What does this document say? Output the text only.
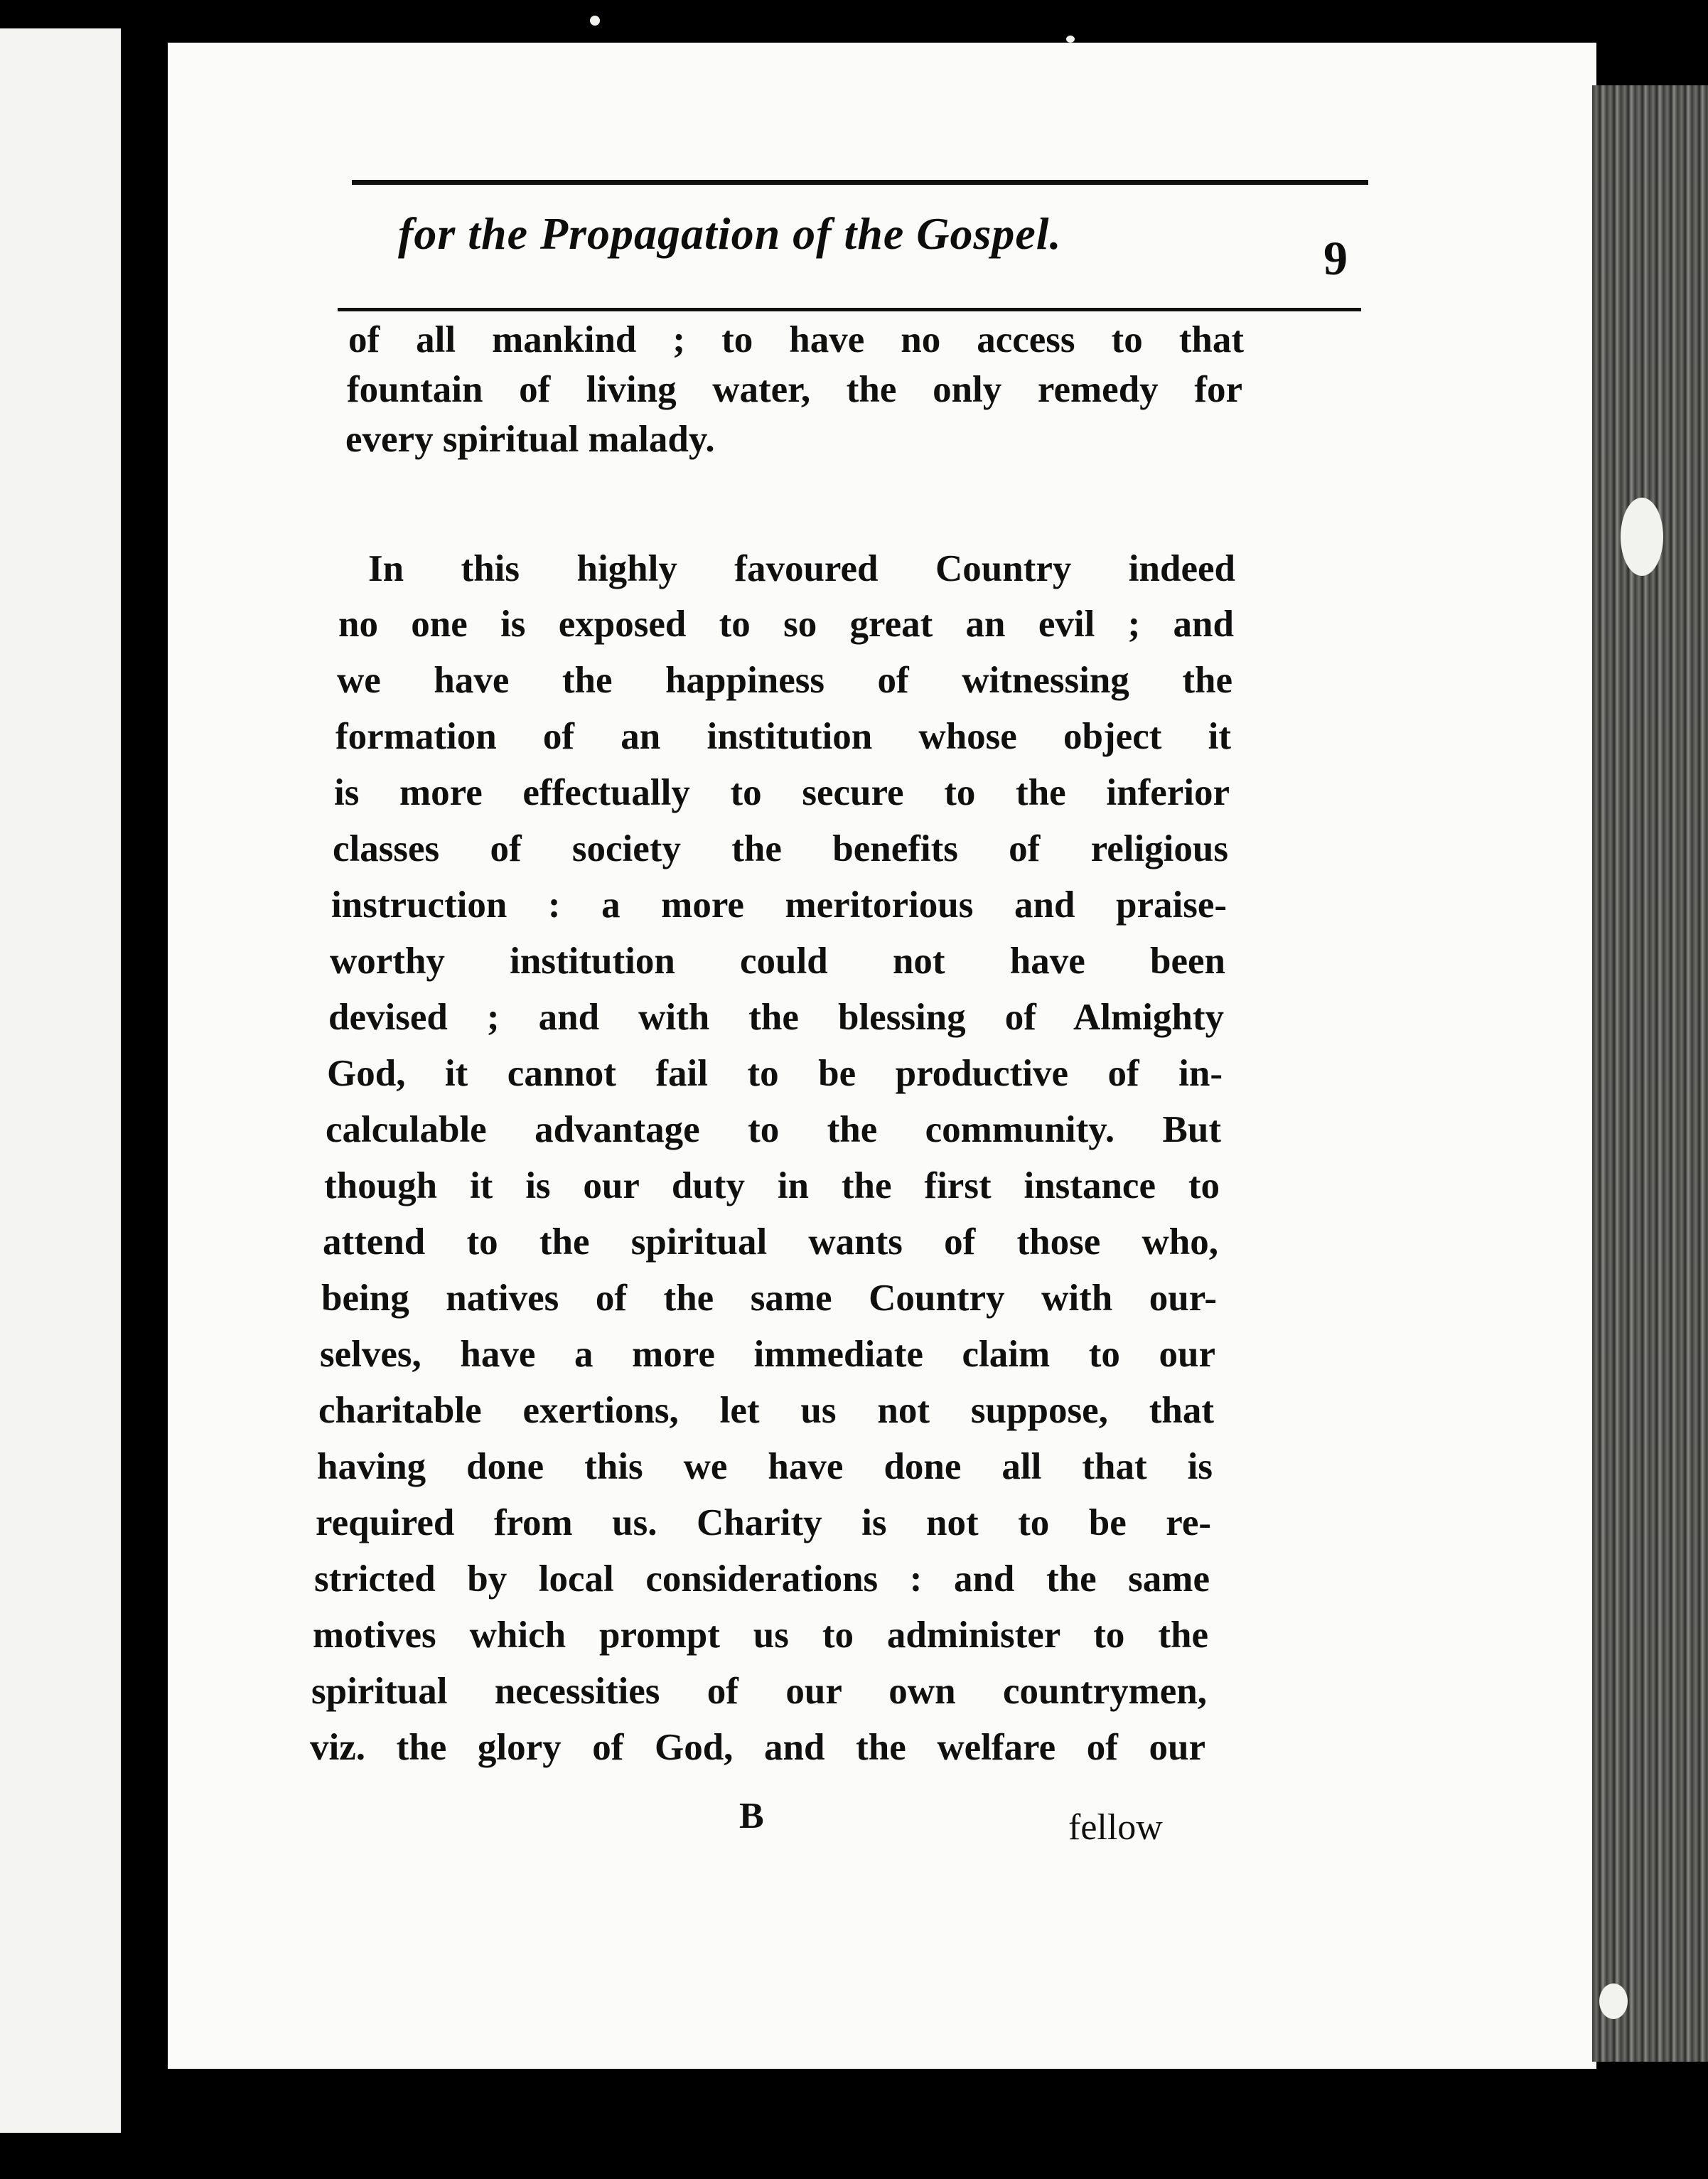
for the Propagation of the Gospel.	9
of all mankind ; to have no access to that
fountain of living water, the only remedy for
every spiritual malady.
In this highly favoured Country indeed
no one is exposed to so great an evil ; and
we have the happiness of witnessing the
formation of an institution whose object it
is more effectually to secure to the inferior
classes of society the benefits of religious
instruction : a more meritorious and praise-
worthy institution could not have been
devised ; and with the blessing of Almighty
God, it cannot fail to be productive of in-
calculable advantage to the community. But
though it is our duty in the first instance to
attend to the spiritual wants of those who,
being natives of the same Country with our-
selves, have a more immediate claim to our
charitable exertions, let us not suppose, that
having done this we have done all that is
required from us. Charity is not to be re-
stricted by local considerations : and the same
motives which prompt us to administer to the
spiritual necessities of our own countrymen,
viz. the glory of God, and the welfare of our
B	fellow
